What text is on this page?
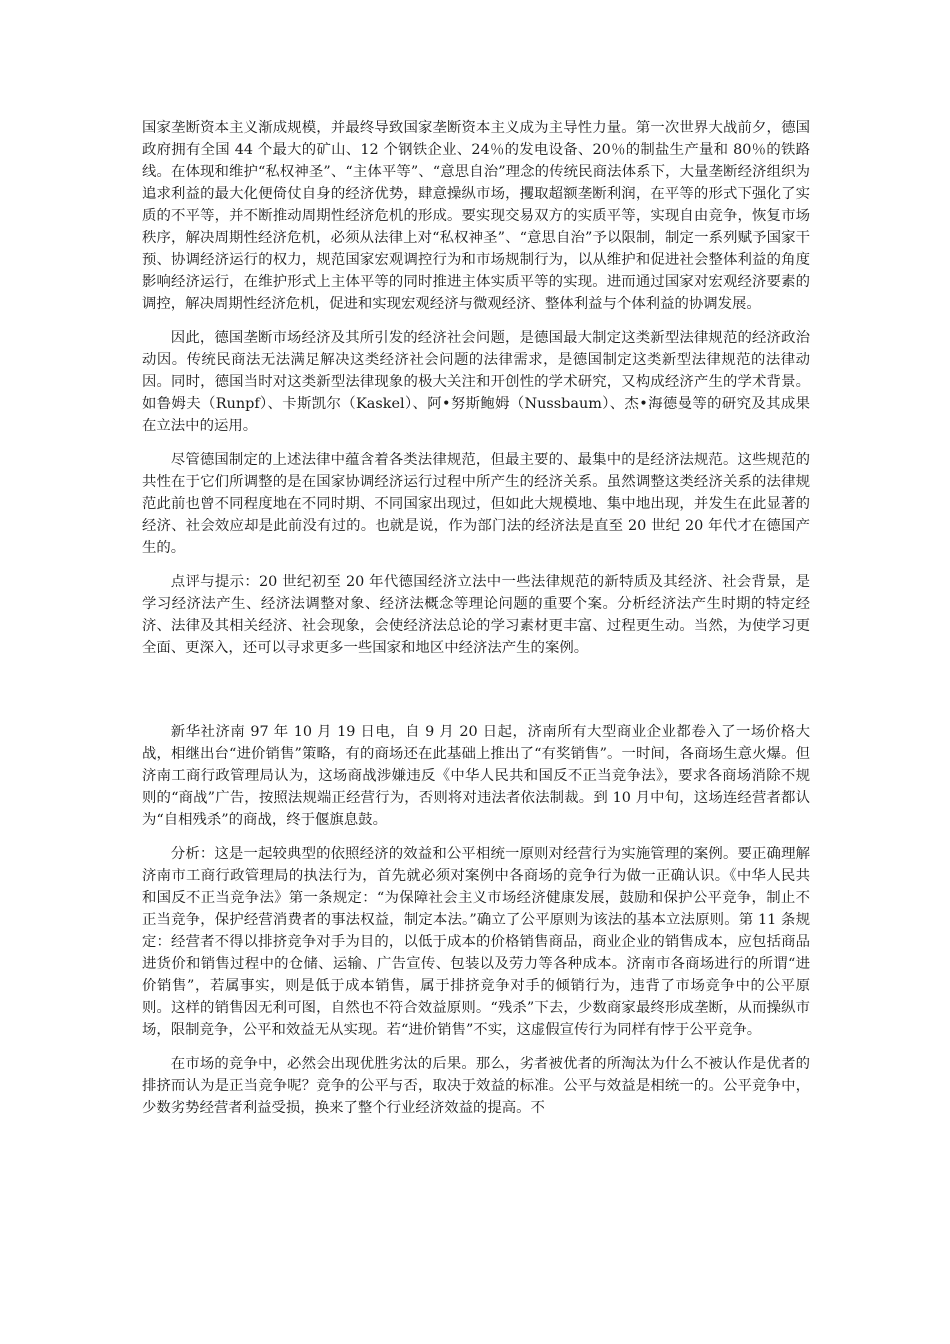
国家垄断资本主义渐成规模，并最终导致国家垄断资本主义成为主导性力量。第一次世界大战前夕，德国政府拥有全国 44 个最大的矿山、12 个钢铁企业、24％的发电设备、20％的制盐生产量和 80％的铁路线。在体现和维护“私权神圣”、“主体平等”、“意思自治”理念的传统民商法体系下，大量垄断经济组织为追求利益的最大化便倚仗自身的经济优势，肆意操纵市场，攫取超额垄断利润，在平等的形式下强化了实质的不平等，并不断推动周期性经济危机的形成。要实现交易双方的实质平等，实现自由竞争，恢复市场秩序，解决周期性经济危机，必须从法律上对“私权神圣”、“意思自治”予以限制，制定一系列赋予国家干预、协调经济运行的权力，规范国家宏观调控行为和市场规制行为，以从维护和促进社会整体利益的角度影响经济运行，在维护形式上主体平等的同时推进主体实质平等的实现。进而通过国家对宏观经济要素的调控，解决周期性经济危机，促进和实现宏观经济与微观经济、整体利益与个体利益的协调发展。

因此，德国垄断市场经济及其所引发的经济社会问题，是德国最大制定这类新型法律规范的经济政治动因。传统民商法无法满足解决这类经济社会问题的法律需求，是德国制定这类新型法律规范的法律动因。同时，德国当时对这类新型法律现象的极大关注和开创性的学术研究，又构成经济产生的学术背景。如鲁姆夫（Runpf）、卡斯凯尔（Kaskel）、阿•努斯鲍姆（Nussbaum）、杰•海德曼等的研究及其成果在立法中的运用。

尽管德国制定的上述法律中蕴含着各类法律规范，但最主要的、最集中的是经济法规范。这些规范的共性在于它们所调整的是在国家协调经济运行过程中所产生的经济关系。虽然调整这类经济关系的法律规范此前也曾不同程度地在不同时期、不同国家出现过，但如此大规模地、集中地出现，并发生在此显著的经济、社会效应却是此前没有过的。也就是说，作为部门法的经济法是直至 20 世纪 20 年代才在德国产生的。

点评与提示：20 世纪初至 20 年代德国经济立法中一些法律规范的新特质及其经济、社会背景，是学习经济法产生、经济法调整对象、经济法概念等理论问题的重要个案。分析经济法产生时期的特定经济、法律及其相关经济、社会现象，会使经济法总论的学习素材更丰富、过程更生动。当然，为使学习更全面、更深入，还可以寻求更多一些国家和地区中经济法产生的案例。

新华社济南 97 年 10 月 19 日电，自 9 月 20 日起，济南所有大型商业企业都卷入了一场价格大战，相继出台“进价销售”策略，有的商场还在此基础上推出了“有奖销售”。一时间，各商场生意火爆。但济南工商行政管理局认为，这场商战涉嫌违反《中华人民共和国反不正当竞争法》，要求各商场消除不规则的“商战”广告，按照法规端正经营行为，否则将对违法者依法制裁。到 10 月中旬，这场连经营者都认为“自相残杀”的商战，终于偃旗息鼓。

分析：这是一起较典型的依照经济的效益和公平相统一原则对经营行为实施管理的案例。要正确理解济南市工商行政管理局的执法行为，首先就必须对案例中各商场的竞争行为做一正确认识。《中华人民共和国反不正当竞争法》第一条规定：“为保障社会主义市场经济健康发展，鼓励和保护公平竞争，制止不正当竞争，保护经营消费者的事法权益，制定本法。”确立了公平原则为该法的基本立法原则。第 11 条规定：经营者不得以排挤竞争对手为目的，以低于成本的价格销售商品，商业企业的销售成本，应包括商品进货价和销售过程中的仓储、运输、广告宣传、包装以及劳力等各种成本。济南市各商场进行的所谓“进价销售”，若属事实，则是低于成本销售，属于排挤竞争对手的倾销行为，违背了市场竞争中的公平原则。这样的销售因无利可图，自然也不符合效益原则。“残杀”下去，少数商家最终形成垄断，从而操纵市场，限制竞争，公平和效益无从实现。若“进价销售”不实，这虚假宣传行为同样有悖于公平竞争。

在市场的竞争中，必然会出现优胜劣汰的后果。那么，劣者被优者的所淘汰为什么不被认作是优者的排挤而认为是正当竞争呢？竞争的公平与否，取决于效益的标准。公平与效益是相统一的。公平竞争中，少数劣势经营者利益受损，换来了整个行业经济效益的提高。不
